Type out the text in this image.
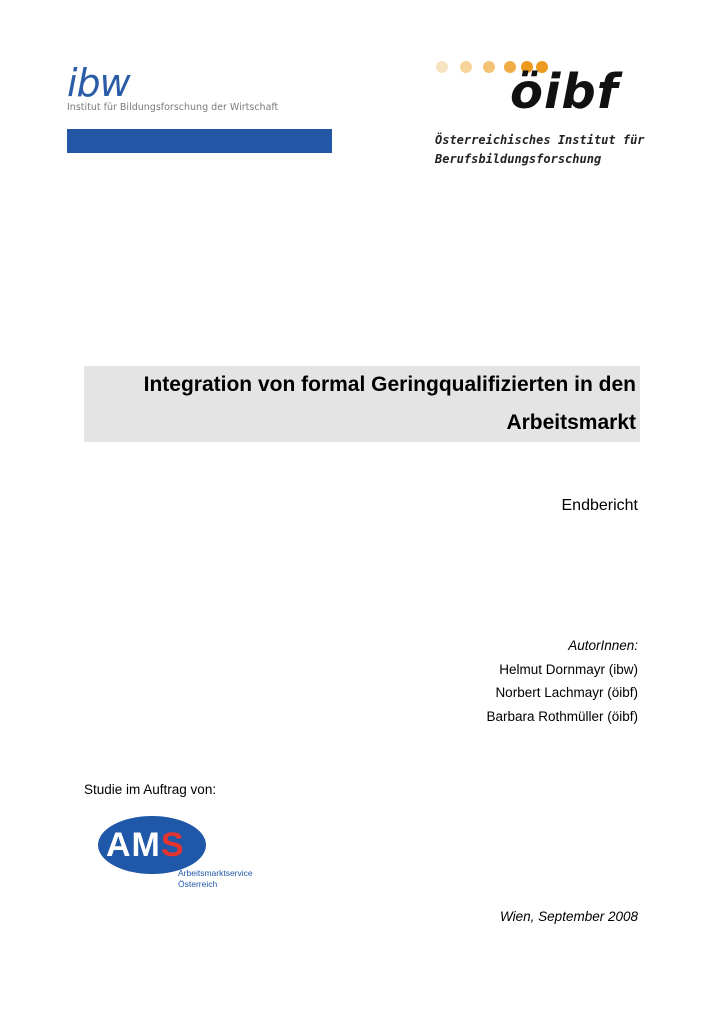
ibw
Institut für Bildungsforschung der Wirtschaft	öibf
Österreichisches Institut für
Berufsbildungsforschung
Integration von formal Geringqualifizierten in den Arbeitsmarkt
Endbericht
AutorInnen:
Helmut Dornmayr (ibw)
Norbert Lachmayr (öibf)
Barbara Rothmüller (öibf)
Studie im Auftrag von:
AMS
Arbeitsmarktservice
Österreich
Wien, September 2008
